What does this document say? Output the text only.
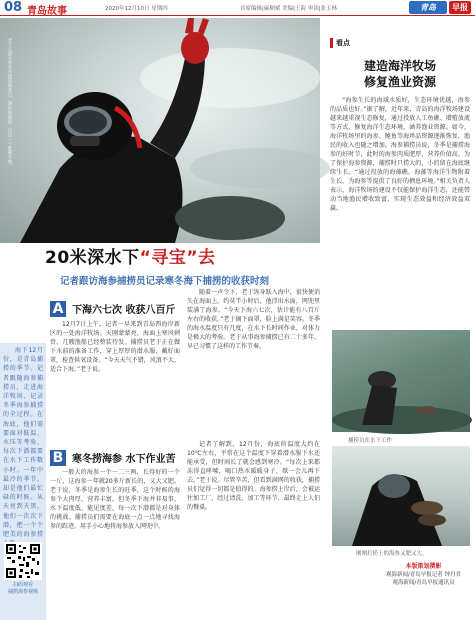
08 青岛故事	2020年12月10日 星期四	首席编辑|麻顺斌 美编|王海 审读|张玉林	青岛	早报
老于在潜水作业中摸到海参后，游向海面前，比出一个胜利手势。
20米深水下“寻宝”去
记者跟访海参捕捞员记录寒冬海下捕捞的收获时刻
看点
建造海洋牧场
修复渔业资源
“海参生长的海域水质好，生态环境优越，海参的品质也好。”据了解，近年来，青岛的海洋牧场建设越来越重视生态修复，通过投放人工鱼礁、增殖放流等方式，修复海洋生态环境，涵养渔业资源。如今，海洋牧场里的海参、鲍鱼等海珍品资源逐渐恢复，渔民的收入也随之增加。海参捕捞员说，冬季是捕捞海参的好时节，此时的海参肉质肥厚，营养价值高。为了保护海参资源，捕捞时只捞大的，小的留在海底继续生长。“通过投放的海藻礁，海藻等海洋生物附着生长，为海参等提供了良好的栖息环境。”相关负责人表示，海洋牧场的建设不仅能保护海洋生态，还能带动当地渔民增收致富，实现生态效益和经济效益双赢。
捕捞员在水下工作
刚刚打捞上的海参又肥又大。
本版策划撰影
观海新闻/青岛早报记者 钟丹君
观海新闻/青岛早报通讯员
海下12月份，是青岛捕捞的季节。记者跟随海参捕捞员，走进海洋牧场，记录冬季海参捕捞的全过程。在海底，他们需要面对低温、水压等考验，每次下潜都要在水下工作数小时。一年中最冷的季节，却是他们最忙碌的时候。从天亮到天黑，他们一次次下潜，把一个个肥美的海参捞
扫码观看
捕捞海参视频
A 下海六七次 收获八百斤
12月7日上午，记者一早来到青岛西海岸新区的一处海洋牧场。天刚蒙蒙亮，海面上寒风刺骨，几艘渔船已经整装待发。捕捞员老于正在做下水前的准备工作，穿上厚厚的潜水服，戴好面罩，检查供氧设备。“今天天气不错，风浪不大，适合下海。”老于说。
随着一声令下，老于纵身跃入海中，很快便消失在海面上。约莫半小时后，他浮出水面，网兜里装满了海参。“今天下海六七次，估计能有八百斤左右的收获。”老于摘下面罩，脸上满是笑容。冬季的海水温度只有几度，在水下长时间作业，对体力是极大的考验。老于从事海参捕捞已有二十多年，早已习惯了这样的工作节奏。
B 寒冬捞海参 水下作业苦
一般大的海参一个一二三两，长得好的一个一斤，这海参一年就20多斤新长的，又大又肥。老于说，冬季是海参生长的旺季，这个时候的海参个大肉厚，营养丰富。但冬季下海并非易事，水下温度低、能见度差，每一次下潜都是对身体的挑战。捕捞员们需要在海底一点一点地寻找海参的踪迹，用手小心地将海参放入网兜中。
记者了解到，12月份，海底的温度大约在10℃左右，平常在这个温度下穿着潜水服下水还能承受，但时间长了就会感到寒冷。“每次上来都冻得直哆嗦，喝口热水暖暖身子，歇一会儿再下去。”老于说。尽管辛苦，但看到满网的收获，捕捞员们觉得一切都是值得的。海参捞上岸后，会被运往加工厂，经过清洗、加工等环节，最终走上人们的餐桌。
